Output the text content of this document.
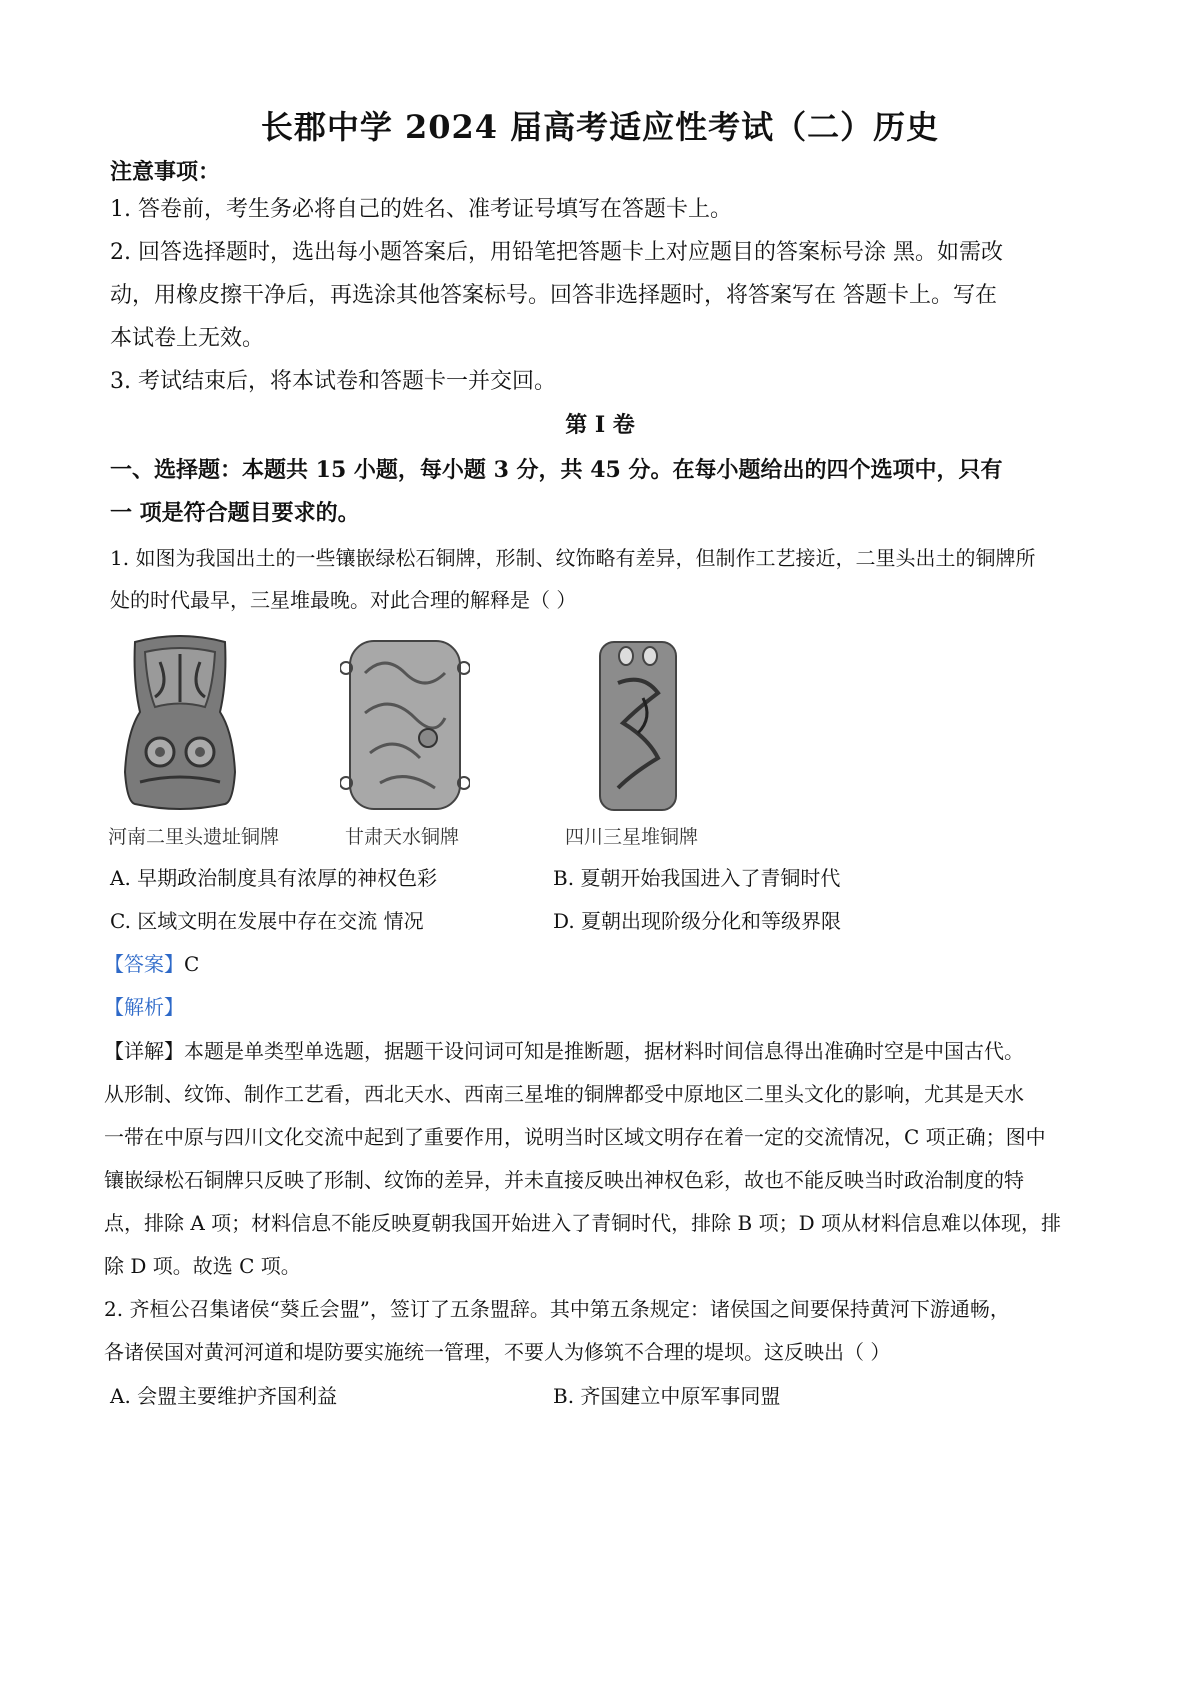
长郡中学 2024 届高考适应性考试（二）历史
注意事项：
1. 答卷前，考生务必将自己的姓名、准考证号填写在答题卡上。
2. 回答选择题时，选出每小题答案后，用铅笔把答题卡上对应题目的答案标号涂 黑。如需改
动，用橡皮擦干净后，再选涂其他答案标号。回答非选择题时，将答案写在 答题卡上。写在
本试卷上无效。
3. 考试结束后，将本试卷和答题卡一并交回。
第 I 卷
一、选择题：本题共 15 小题，每小题 3 分，共 45 分。在每小题给出的四个选项中，只有
一 项是符合题目要求的。
1. 如图为我国出土的一些镶嵌绿松石铜牌，形制、纹饰略有差异，但制作工艺接近，二里头出土的铜牌所
处的时代最早，三星堆最晚。对此合理的解释是（ ）
河南二里头遗址铜牌	甘肃天水铜牌	四川三星堆铜牌
A. 早期政治制度具有浓厚的神权色彩	B. 夏朝开始我国进入了青铜时代
C. 区域文明在发展中存在交流 情况	D. 夏朝出现阶级分化和等级界限
【答案】C
【解析】
【详解】本题是单类型单选题，据题干设问词可知是推断题，据材料时间信息得出准确时空是中国古代。
从形制、纹饰、制作工艺看，西北天水、西南三星堆的铜牌都受中原地区二里头文化的影响，尤其是天水
一带在中原与四川文化交流中起到了重要作用，说明当时区域文明存在着一定的交流情况，C 项正确；图中
镶嵌绿松石铜牌只反映了形制、纹饰的差异，并未直接反映出神权色彩，故也不能反映当时政治制度的特
点，排除 A 项；材料信息不能反映夏朝我国开始进入了青铜时代，排除 B 项；D 项从材料信息难以体现，排
除 D 项。故选 C 项。
2. 齐桓公召集诸侯“葵丘会盟”，签订了五条盟辞。其中第五条规定：诸侯国之间要保持黄河下游通畅，
各诸侯国对黄河河道和堤防要实施统一管理，不要人为修筑不合理的堤坝。这反映出（ ）
A. 会盟主要维护齐国利益	B. 齐国建立中原军事同盟
